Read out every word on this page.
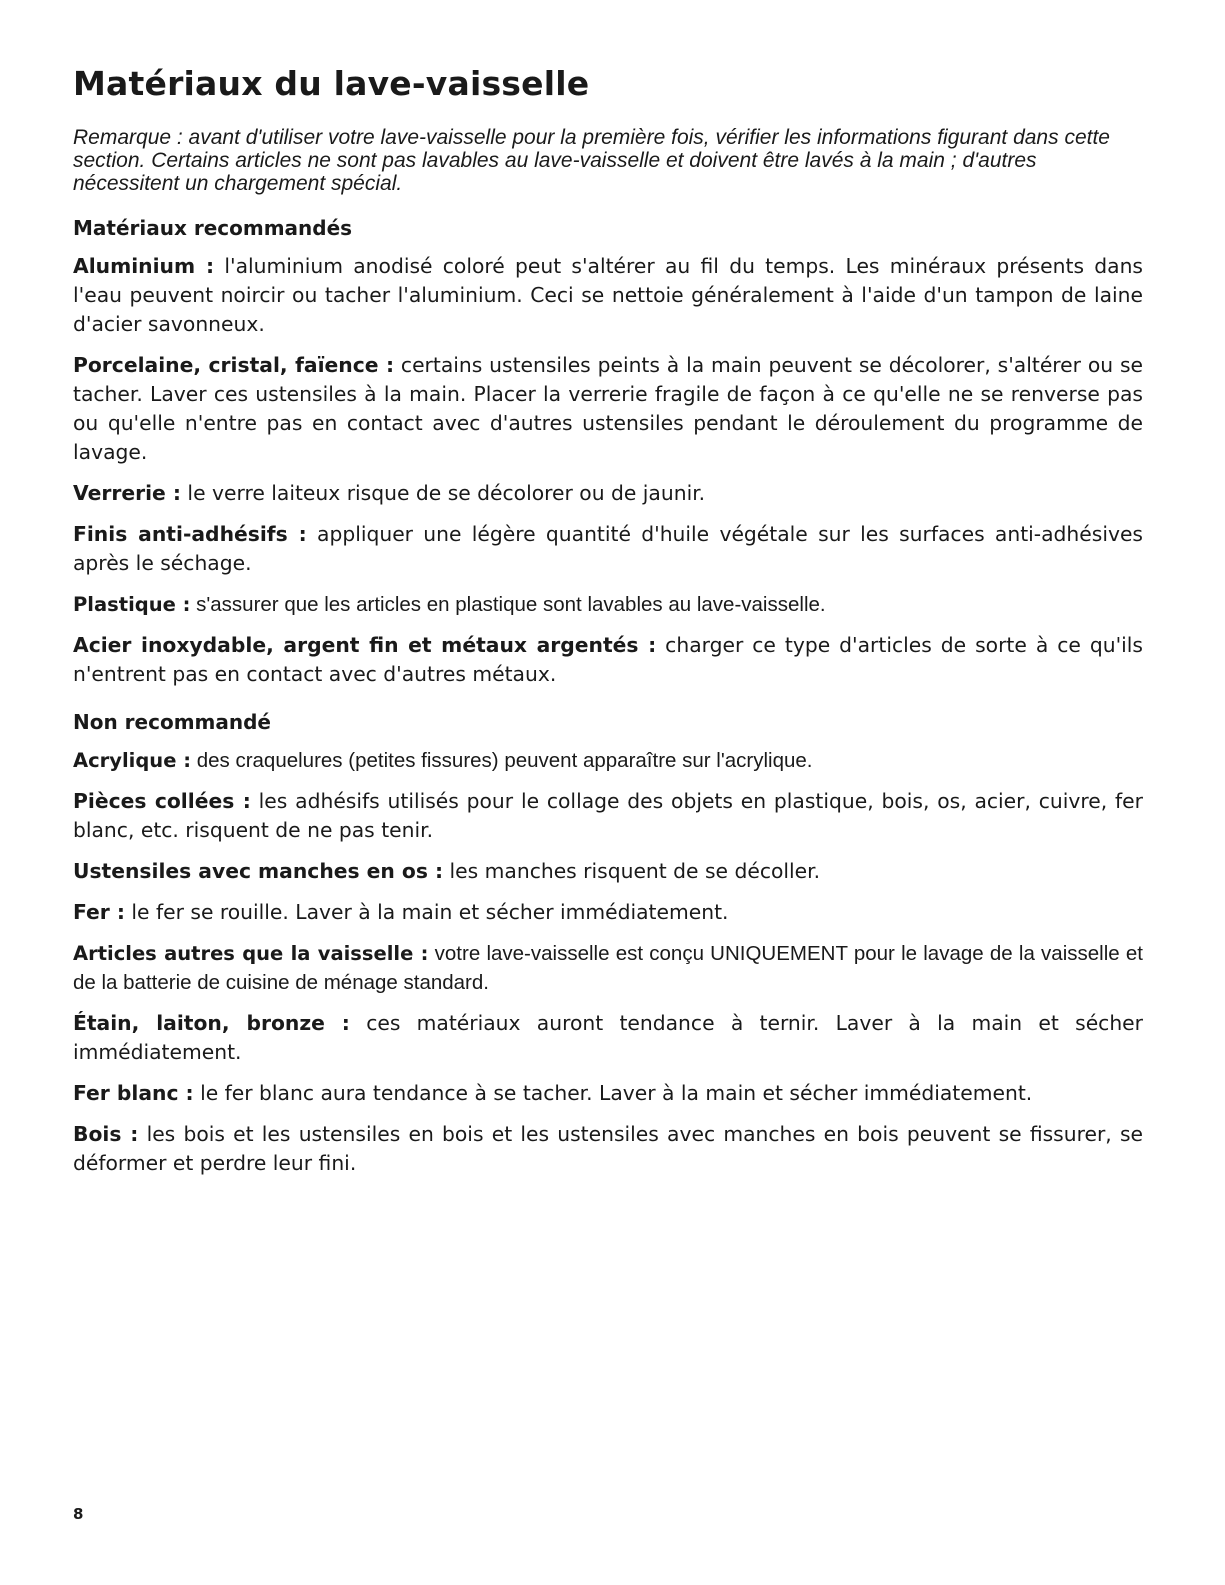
Matériaux du lave-vaisselle

Remarque : avant d'utiliser votre lave-vaisselle pour la première fois, vérifier les informations figurant dans cette section. Certains articles ne sont pas lavables au lave-vaisselle et doivent être lavés à la main ; d'autres nécessitent un chargement spécial.

Matériaux recommandés

Aluminium : l'aluminium anodisé coloré peut s'altérer au fil du temps. Les minéraux présents dans l'eau peuvent noircir ou tacher l'aluminium. Ceci se nettoie généralement à l'aide d'un tampon de laine d'acier savonneux.

Porcelaine, cristal, faïence : certains ustensiles peints à la main peuvent se décolorer, s'altérer ou se tacher. Laver ces ustensiles à la main. Placer la verrerie fragile de façon à ce qu'elle ne se renverse pas ou qu'elle n'entre pas en contact avec d'autres ustensiles pendant le déroulement du programme de lavage.

Verrerie : le verre laiteux risque de se décolorer ou de jaunir.

Finis anti-adhésifs : appliquer une légère quantité d'huile végétale sur les surfaces anti-adhésives après le séchage.

Plastique : s'assurer que les articles en plastique sont lavables au lave-vaisselle.

Acier inoxydable, argent fin et métaux argentés : charger ce type d'articles de sorte à ce qu'ils n'entrent pas en contact avec d'autres métaux.

Non recommandé

Acrylique : des craquelures (petites fissures) peuvent apparaître sur l'acrylique.

Pièces collées : les adhésifs utilisés pour le collage des objets en plastique, bois, os, acier, cuivre, fer blanc, etc. risquent de ne pas tenir.

Ustensiles avec manches en os : les manches risquent de se décoller.

Fer : le fer se rouille. Laver à la main et sécher immédiatement.

Articles autres que la vaisselle : votre lave-vaisselle est conçu UNIQUEMENT pour le lavage de la vaisselle et de la batterie de cuisine de ménage standard.

Étain, laiton, bronze : ces matériaux auront tendance à ternir. Laver à la main et sécher immédiatement.

Fer blanc : le fer blanc aura tendance à se tacher. Laver à la main et sécher immédiatement.

Bois : les bois et les ustensiles en bois et les ustensiles avec manches en bois peuvent se fissurer, se déformer et perdre leur fini.

8
